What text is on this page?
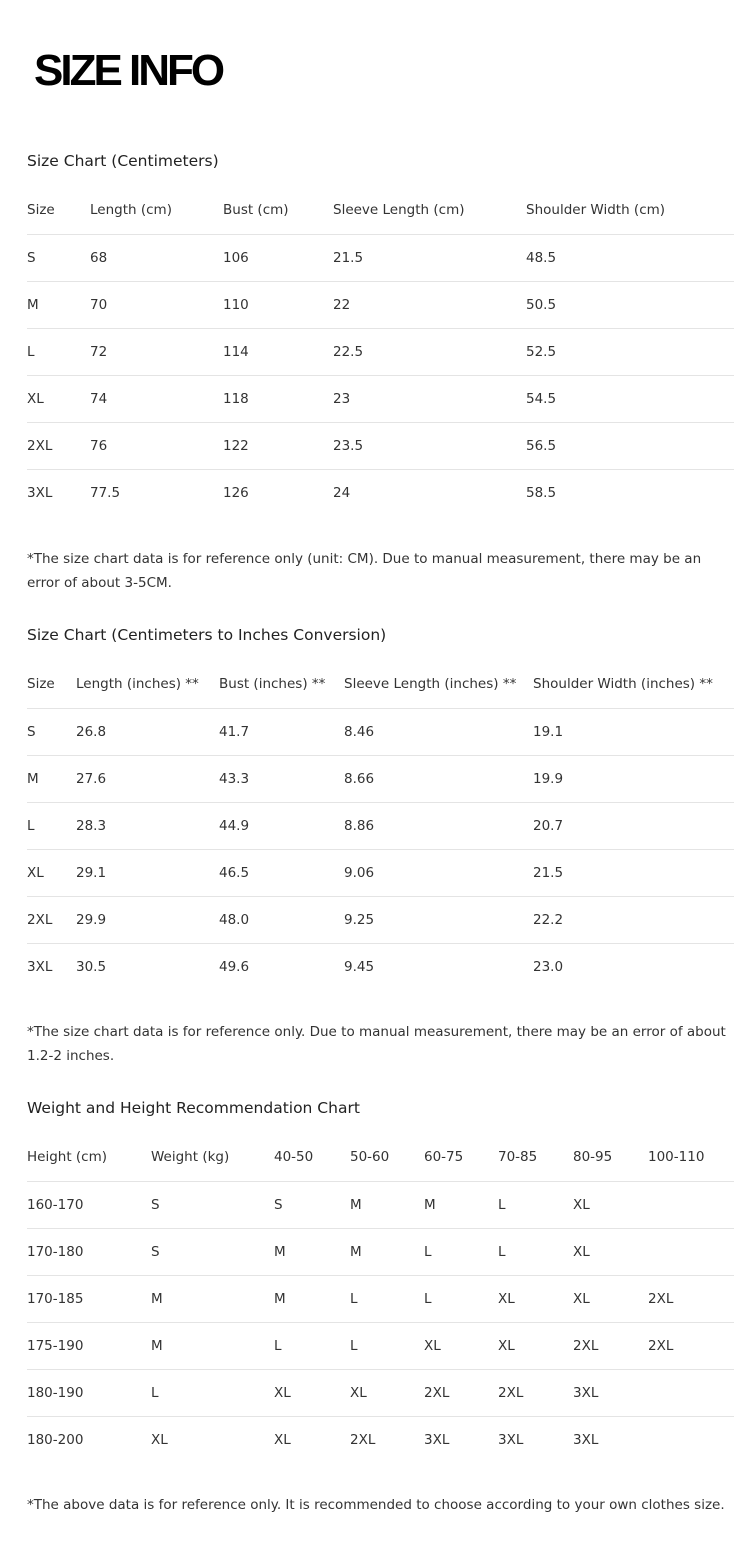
SIZE INFO
Size Chart (Centimeters)
Size	Length (cm)	Bust (cm)	Sleeve Length (cm)	Shoulder Width (cm)
S	68	106	21.5	48.5
M	70	110	22	50.5
L	72	114	22.5	52.5
XL	74	118	23	54.5
2XL	76	122	23.5	56.5
3XL	77.5	126	24	58.5

*The size chart data is for reference only (unit: CM). Due to manual measurement, there may be an error of about 3-5CM.

Size Chart (Centimeters to Inches Conversion)
Size	Length (inches) **	Bust (inches) **	Sleeve Length (inches) **	Shoulder Width (inches) **
S	26.8	41.7	8.46	19.1
M	27.6	43.3	8.66	19.9
L	28.3	44.9	8.86	20.7
XL	29.1	46.5	9.06	21.5
2XL	29.9	48.0	9.25	22.2
3XL	30.5	49.6	9.45	23.0

*The size chart data is for reference only. Due to manual measurement, there may be an error of about 1.2-2 inches.

Weight and Height Recommendation Chart
Height (cm)	Weight (kg)	40-50	50-60	60-75	70-85	80-95	100-110
160-170	S	S	M	M	L	XL	
170-180	S	M	M	L	L	XL	
170-185	M	M	L	L	XL	XL	2XL
175-190	M	L	L	XL	XL	2XL	2XL
180-190	L	XL	XL	2XL	2XL	3XL	
180-200	XL	XL	2XL	3XL	3XL	3XL	

*The above data is for reference only. It is recommended to choose according to your own clothes size.
